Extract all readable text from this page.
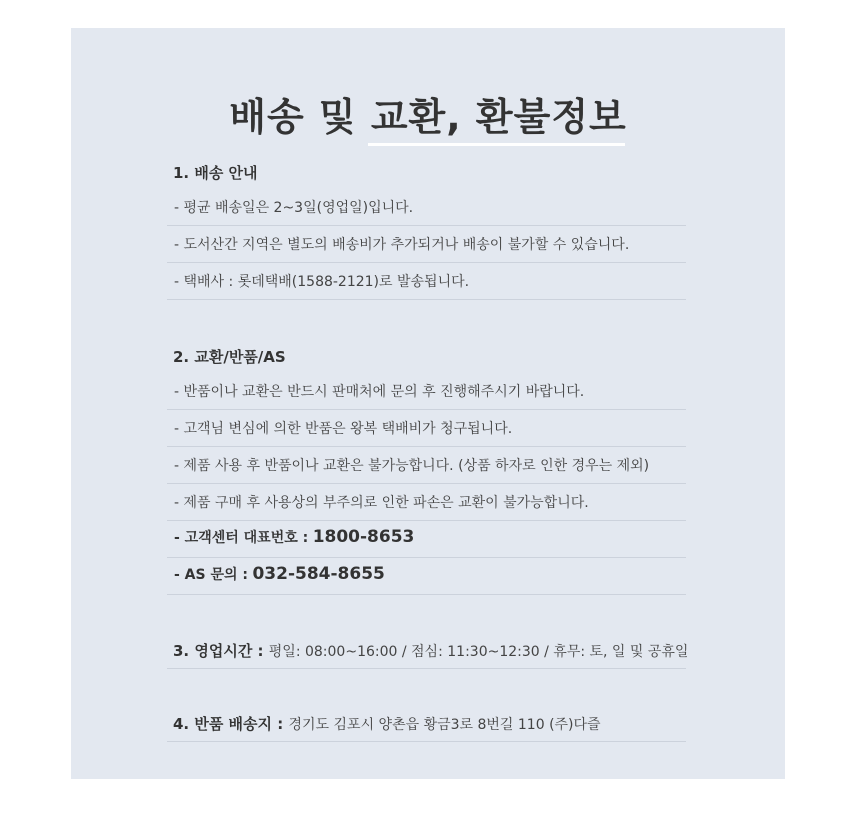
배송 및 교환, 환불정보
1. 배송 안내
- 평균 배송일은 2~3일(영업일)입니다.
- 도서산간 지역은 별도의 배송비가 추가되거나 배송이 불가할 수 있습니다.
- 택배사 : 롯데택배(1588-2121)로 발송됩니다.
2. 교환/반품/AS
- 반품이나 교환은 반드시 판매처에 문의 후 진행해주시기 바랍니다.
- 고객님 변심에 의한 반품은 왕복 택배비가 청구됩니다.
- 제품 사용 후 반품이나 교환은 불가능합니다. (상품 하자로 인한 경우는 제외)
- 제품 구매 후 사용상의 부주의로 인한 파손은 교환이 불가능합니다.
- 고객센터 대표번호 : 1800-8653
- AS 문의 : 032-584-8655
3. 영업시간 : 평일: 08:00~16:00 / 점심: 11:30~12:30 / 휴무: 토, 일 및 공휴일
4. 반품 배송지 : 경기도 김포시 양촌읍 황금3로 8번길 110 (주)다즐
